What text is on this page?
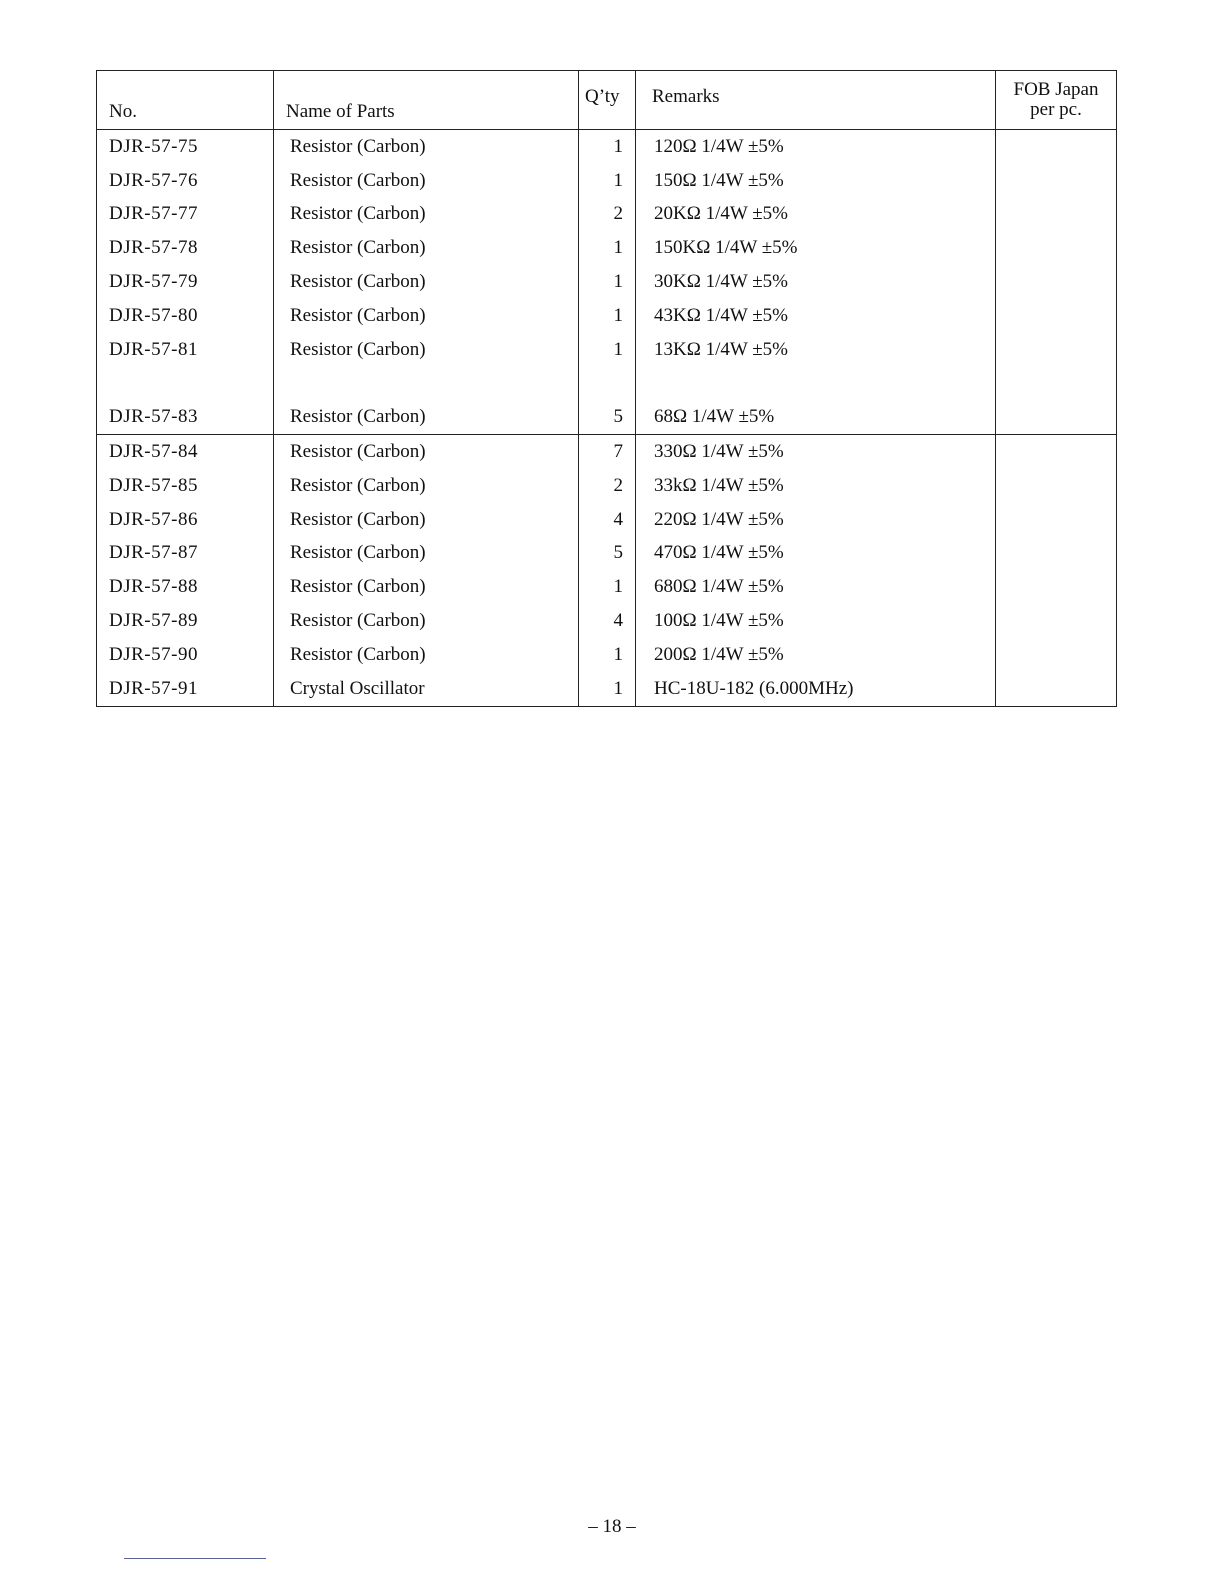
No.	Name of Parts	Q’ty	Remarks	FOB Japan
per pc.

DJR-57-75	Resistor (Carbon)	1	120Ω 1/4W ±5%	
DJR-57-76	Resistor (Carbon)	1	150Ω 1/4W ±5%	
DJR-57-77	Resistor (Carbon)	2	20KΩ 1/4W ±5%	
DJR-57-78	Resistor (Carbon)	1	150KΩ 1/4W ±5%	
DJR-57-79	Resistor (Carbon)	1	30KΩ 1/4W ±5%	
DJR-57-80	Resistor (Carbon)	1	43KΩ 1/4W ±5%	
DJR-57-81	Resistor (Carbon)	1	13KΩ 1/4W ±5%	

DJR-57-83	Resistor (Carbon)	5	68Ω 1/4W ±5%	
DJR-57-84	Resistor (Carbon)	7	330Ω 1/4W ±5%	
DJR-57-85	Resistor (Carbon)	2	33kΩ 1/4W ±5%	
DJR-57-86	Resistor (Carbon)	4	220Ω 1/4W ±5%	
DJR-57-87	Resistor (Carbon)	5	470Ω 1/4W ±5%	
DJR-57-88	Resistor (Carbon)	1	680Ω 1/4W ±5%	
DJR-57-89	Resistor (Carbon)	4	100Ω 1/4W ±5%	
DJR-57-90	Resistor (Carbon)	1	200Ω 1/4W ±5%	
DJR-57-91	Crystal Oscillator	1	HC-18U-182 (6.000MHz)	
– 18 –
